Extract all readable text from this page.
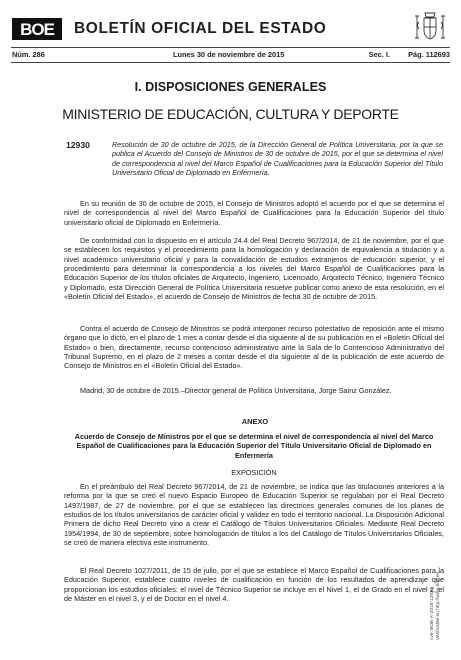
BOE BOLETÍN OFICIAL DEL ESTADO
Núm. 286	Lunes 30 de noviembre de 2015	Sec. I. Pág. 112693
I. DISPOSICIONES GENERALES
MINISTERIO DE EDUCACIÓN, CULTURA Y DEPORTE
12930	Resolución de 30 de octubre de 2015, de la Dirección General de Política Universitaria, por la que se publica el Acuerdo del Consejo de Ministros de 30 de octubre de 2015, por el que se determina el nivel de correspondencia al nivel del Marco Español de Cualificaciones para la Educación Superior del Título Universitario Oficial de Diplomado en Enfermería.

En su reunión de 30 de octubre de 2015, el Consejo de Ministros adoptó el acuerdo por el que se determina el nivel de correspondencia al nivel del Marco Español de Cualificaciones para la Educación Superior del título universitario oficial de Diplomado en Enfermería.

De conformidad con lo dispuesto en el artículo 24.4 del Real Decreto 967/2014, de 21 de noviembre, por el que se establecen los requisitos y el procedimiento para la homologación y declaración de equivalencia a titulación y a nivel académico universitario oficial y para la convalidación de estudios extranjeros de educación superior, y el procedimiento para determinar la correspondencia a los niveles del Marco Español de Cualificaciones para la Educación Superior de los títulos oficiales de Arquitecto, Ingeniero, Licenciado, Arquitecto Técnico, Ingeniero Técnico y Diplomado, esta Dirección General de Política Universitaria resuelve publicar como anexo de esta resolución, en el «Boletín Oficial del Estado», el acuerdo de Consejo de Ministros de fecha 30 de octubre de 2015.

Contra el acuerdo de Consejo de Ministros se podrá interponer recurso potestativo de reposición ante el mismo órgano que lo dictó, en el plazo de 1 mes a contar desde el día siguiente al de su publicación en el «Boletín Oficial del Estado» o bien, directamente, recurso contencioso administrativo ante la Sala de lo Contencioso Administrativo del Tribunal Supremo, en el plazo de 2 meses a contar desde el día siguiente al de la publicación de este acuerdo de Consejo de Ministros en el «Boletín Oficial del Estado».

Madrid, 30 de octubre de 2015.–Director general de Política Universitaria, Jorge Sainz González.

ANEXO
Acuerdo de Consejo de Ministros por el que se determina el nivel de correspondencia al nivel del Marco Español de Cualificaciones para la Educación Superior del Título Universitario Oficial de Diplomado en Enfermería
EXPOSICIÓN

En el preámbulo del Real Decreto 967/2014, de 21 de noviembre, se indica que las titulaciones anteriores a la reforma por la que se creó el nuevo Espacio Europeo de Educación Superior se regulaban por el Real Decreto 1497/1987, de 27 de noviembre, por el que se establecen las directrices generales comunes de los planes de estudios de los títulos universitarios de carácter oficial y validez en todo el territorio nacional. La Disposición Adicional Primera de dicho Real Decreto vino a crear el Catálogo de Títulos Universitarios Oficiales. Mediante Real Decreto 1954/1994, de 30 de septiembre, sobre homologación de títulos a los del Catálogo de Títulos Universitarios Oficiales, se creó de manera efectiva este instrumento.

El Real Decreto 1027/2011, de 15 de julio, por el que se establece el Marco Español de Cualificaciones para la Educación Superior, establece cuatro niveles de cualificación en función de los resultados de aprendizaje que proporcionan los estudios oficiales: el nivel de Técnico Superior se incluye en el Nivel 1, el de Grado en el nivel 2, el de Máster en el nivel 3, y el de Doctor en el nivel 4.	cve: BOE-A-2015-12930 Verificable en http://www.boe.es
